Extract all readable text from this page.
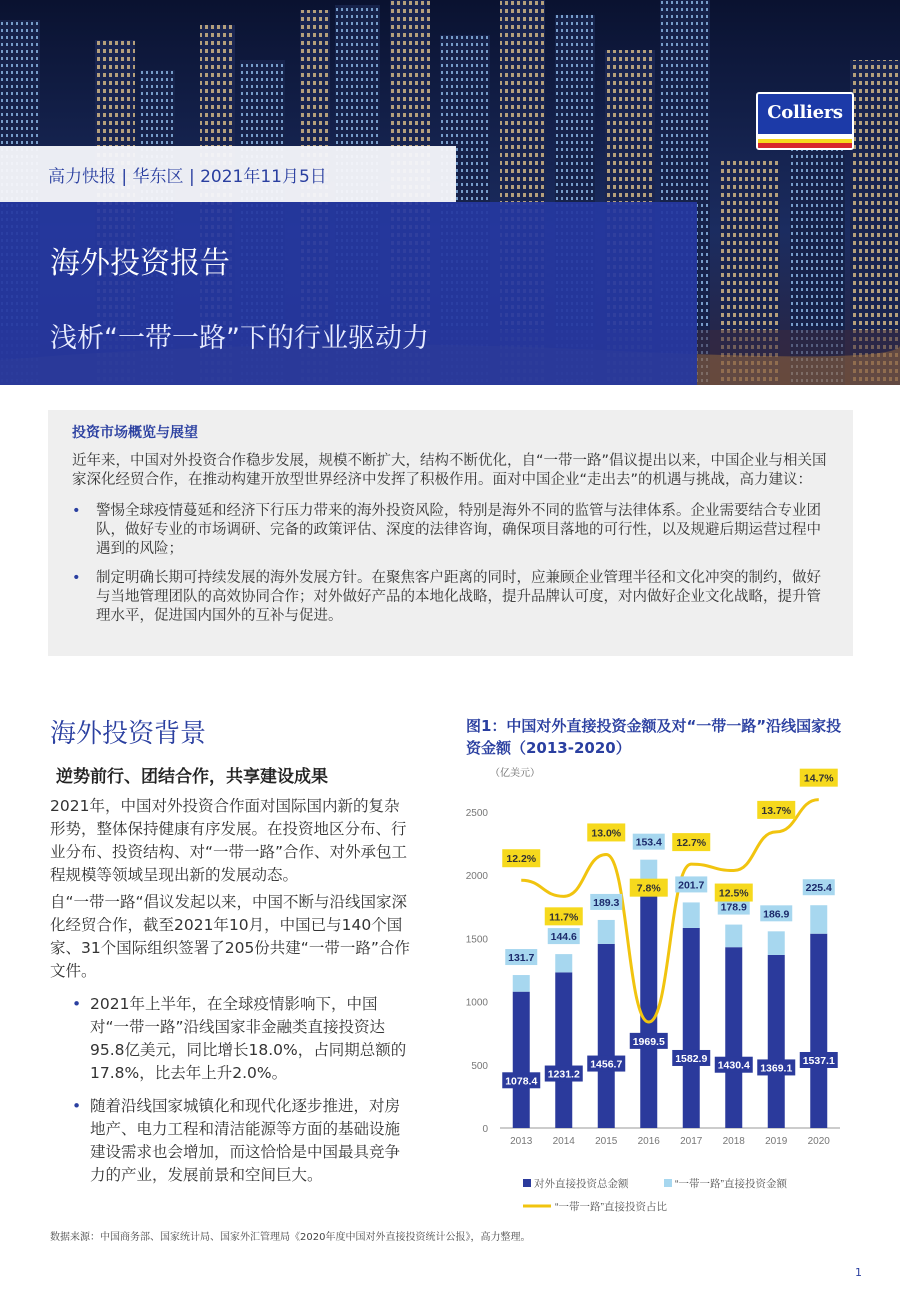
Colliers
高力快报 | 华东区 | 2021年11月5日
海外投资报告
浅析“一带一路”下的行业驱动力
投资市场概览与展望
近年来，中国对外投资合作稳步发展，规模不断扩大，结构不断优化，自“一带一路”倡议提出以来，中国企业与相关国家深化经贸合作，在推动构建开放型世界经济中发挥了积极作用。面对中国企业“走出去”的机遇与挑战，高力建议：
• 警惕全球疫情蔓延和经济下行压力带来的海外投资风险，特别是海外不同的监管与法律体系。企业需要结合专业团队，做好专业的市场调研、完备的政策评估、深度的法律咨询，确保项目落地的可行性，以及规避后期运营过程中遇到的风险；
• 制定明确长期可持续发展的海外发展方针。在聚焦客户距离的同时，应兼顾企业管理半径和文化冲突的制约，做好与当地管理团队的高效协同合作；对外做好产品的本地化战略，提升品牌认可度，对内做好企业文化战略，提升管理水平，促进国内国外的互补与促进。
海外投资背景
逆势前行、团结合作，共享建设成果

2021年，中国对外投资合作面对国际国内新的复杂形势，整体保持健康有序发展。在投资地区分布、行业分布、投资结构、对“一带一路”合作、对外承包工程规模等领域呈现出新的发展动态。

自“一带一路“倡议发起以来，中国不断与沿线国家深化经贸合作，截至2021年10月，中国已与140个国家、31个国际组织签署了205份共建“一带一路”合作文件。

• 2021年上半年，在全球疫情影响下，中国对“一带一路”沿线国家非金融类直接投资达95.8亿美元，同比增长18.0%，占同期总额的17.8%，比去年上升2.0%。
• 随着沿线国家城镇化和现代化逐步推进，对房地产、电力工程和清洁能源等方面的基础设施建设需求也会增加，而这恰恰是中国最具竞争力的产业，发展前景和空间巨大。
图1：中国对外直接投资金额及对“一带一路”沿线国家投资金额（2013-2020）
（亿美元）
0
500
1000
1500
2000
2500
2013 2014 2015 2016 2017 2018 2019 2020
1078.4
131.7
1231.2
144.6
1456.7
189.3
1969.5
153.4
1582.9
201.7
1430.4
178.9
1369.1
186.9
1537.1
225.4
12.2%
11.7%
13.0%
7.8%
12.7%
12.5%
13.7%
14.7%
对外直接投资总金额	“一带一路”直接投资金额
“一带一路”直接投资占比
数据来源：中国商务部、国家统计局、国家外汇管理局《2020年度中国对外直接投资统计公报》，高力整理。
1
